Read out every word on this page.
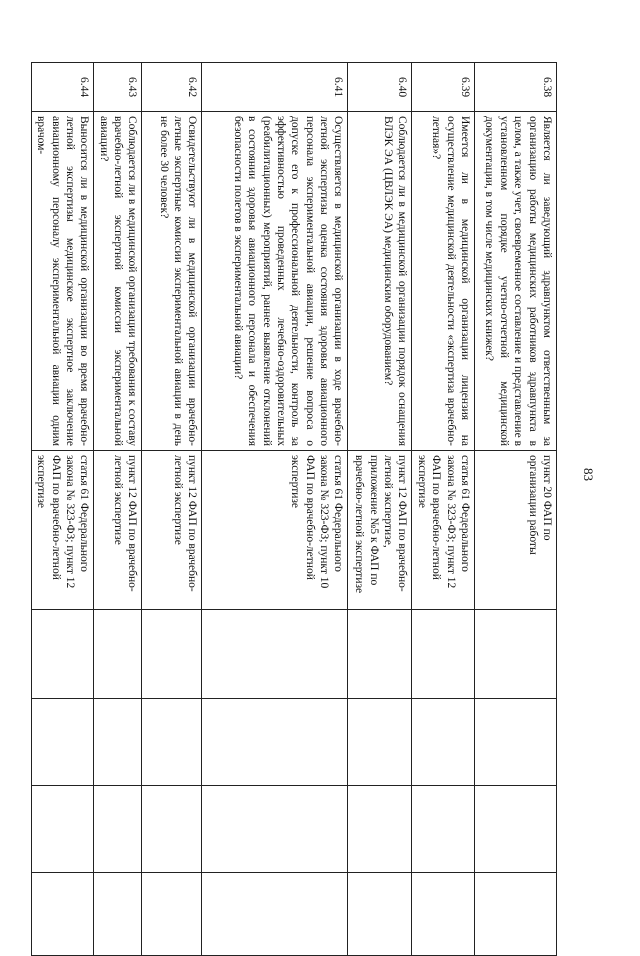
83
6.38	Является ли заведующий здравпунктом ответственным за организацию работы медицинских работников здравпункта в целом, а также учет, своевременное составление и представление в установленном порядке учетно-отчетной медицинской документации, в том числе медицинских книжек?	пункт 20 ФАП по организации работы				
6.39	Имеется ли в медицинской организации лицензия на осуществление медицинской деятельности «экспертиза врачебно-летная»?	статья 61 Федерального закона № 323-ФЗ; пункт 12 ФАП по врачебно-летной экспертизе				
6.40	Соблюдается ли в медицинской организации порядок оснащения ВЛЭК ЭА (ЦВЛЭК ЭА) медицинским оборудованием?	пункт 12 ФАП по врачебно-летной экспертизе, приложение №5 к ФАП по врачебно-летной экспертизе				
6.41	Осуществляется в медицинской организации в ходе врачебно-летной экспертизы оценка состояния здоровья авиационного персонала экспериментальной авиации, решение вопроса о допуске его к профессиональной деятельности, контроль за эффективностью проведенных лечебно-оздоровительных (реабилитационных) мероприятий, раннее выявление отклонений в состоянии здоровья авиационного персонала и обеспечения безопасности полетов в экспериментальной авиации?	статья 61 Федерального закона № 323-ФЗ; пункт 10 ФАП по врачебно-летной экспертизе				
6.42	Освидетельствуют ли в медицинской организации врачебно-летные экспертные комиссии экспериментальной авиации в день не более 30 человек?	пункт 12 ФАП по врачебно-летной экспертизе				
6.43	Соблюдается ли в медицинской организации требования к составу врачебно-летной экспертной комиссии экспериментальной авиации?	пункт 12 ФАП по врачебно-летной экспертизе				
6.44	Выносится ли в медицинской организации во время врачебно-летной экспертизы медицинское экспертное заключение авиационному персоналу экспериментальной авиации одним врачом-	статья 61 Федерального закона № 323-ФЗ; пункт 12 ФАП по врачебно-летной экспертизе				
